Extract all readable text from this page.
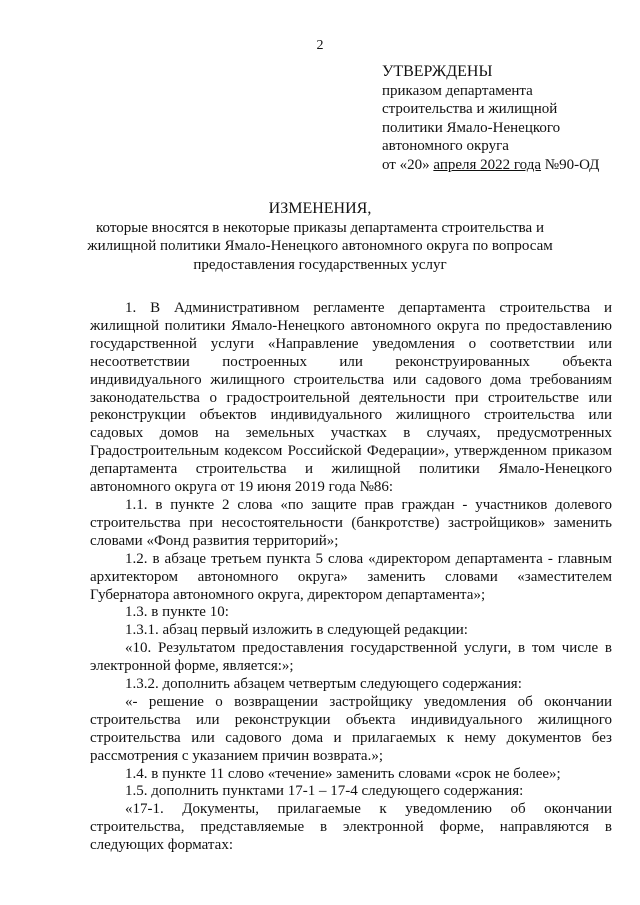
2
УТВЕРЖДЕНЫ
приказом департамента
строительства и жилищной
политики Ямало-Ненецкого
автономного округа
от «20» апреля 2022 года №90-ОД
ИЗМЕНЕНИЯ,
которые вносятся в некоторые приказы департамента строительства и
жилищной политики Ямало-Ненецкого автономного округа по вопросам
предоставления государственных услуг

1. В Административном регламенте департамента строительства и жилищной политики Ямало-Ненецкого автономного округа по предоставлению государственной услуги «Направление уведомления о соответствии или несоответствии построенных или реконструированных объекта индивидуального жилищного строительства или садового дома требованиям законодательства о градостроительной деятельности при строительстве или реконструкции объектов индивидуального жилищного строительства или садовых домов на земельных участках в случаях, предусмотренных Градостроительным кодексом Российской Федерации», утвержденном приказом департамента строительства и жилищной политики Ямало-Ненецкого автономного округа от 19 июня 2019 года №86:

1.1. в пункте 2 слова «по защите прав граждан - участников долевого строительства при несостоятельности (банкротстве) застройщиков» заменить словами «Фонд развития территорий»;

1.2. в абзаце третьем пункта 5 слова «директором департамента - главным архитектором автономного округа» заменить словами «заместителем Губернатора автономного округа, директором департамента»;

1.3. в пункте 10:

1.3.1. абзац первый изложить в следующей редакции:

«10. Результатом предоставления государственной услуги, в том числе в электронной форме, является:»;

1.3.2. дополнить абзацем четвертым следующего содержания:

«- решение о возвращении застройщику уведомления об окончании строительства или реконструкции объекта индивидуального жилищного строительства или садового дома и прилагаемых к нему документов без рассмотрения с указанием причин возврата.»;

1.4. в пункте 11 слово «течение» заменить словами «срок не более»;

1.5. дополнить пунктами 17-1 – 17-4 следующего содержания:

«17-1. Документы, прилагаемые к уведомлению об окончании строительства, представляемые в электронной форме, направляются в следующих форматах:
